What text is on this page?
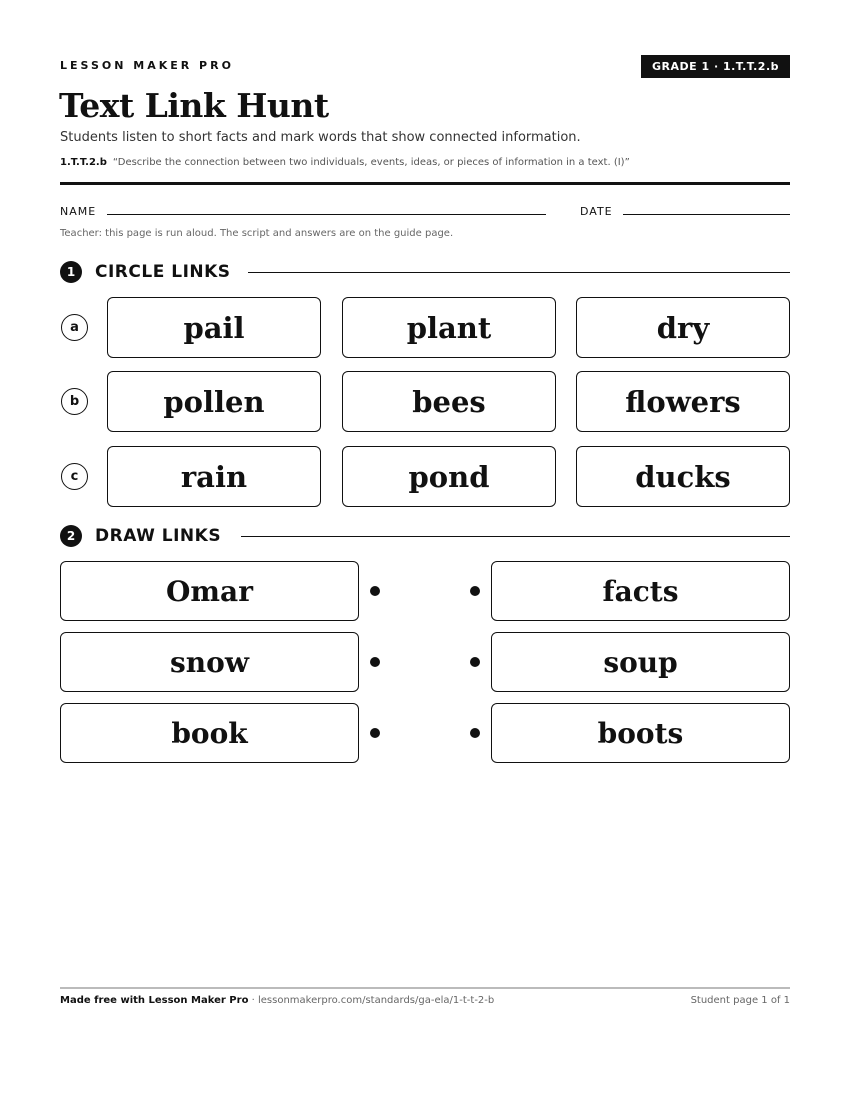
LESSON MAKER PRO	GRADE 1 · 1.T.T.2.b
Text Link Hunt
Students listen to short facts and mark words that show connected information.
1.T.T.2.b “Describe the connection between two individuals, events, ideas, or pieces of information in a text. (I)”
NAME	DATE
Teacher: this page is run aloud. The script and answers are on the guide page.
1	CIRCLE LINKS
a	pail	plant	dry
b	pollen	bees	flowers
c	rain	pond	ducks
2	DRAW LINKS
Omar	facts
snow	soup
book	boots
Made free with Lesson Maker Pro · lessonmakerpro.com/standards/ga-ela/1-t-t-2-b	Student page 1 of 1
